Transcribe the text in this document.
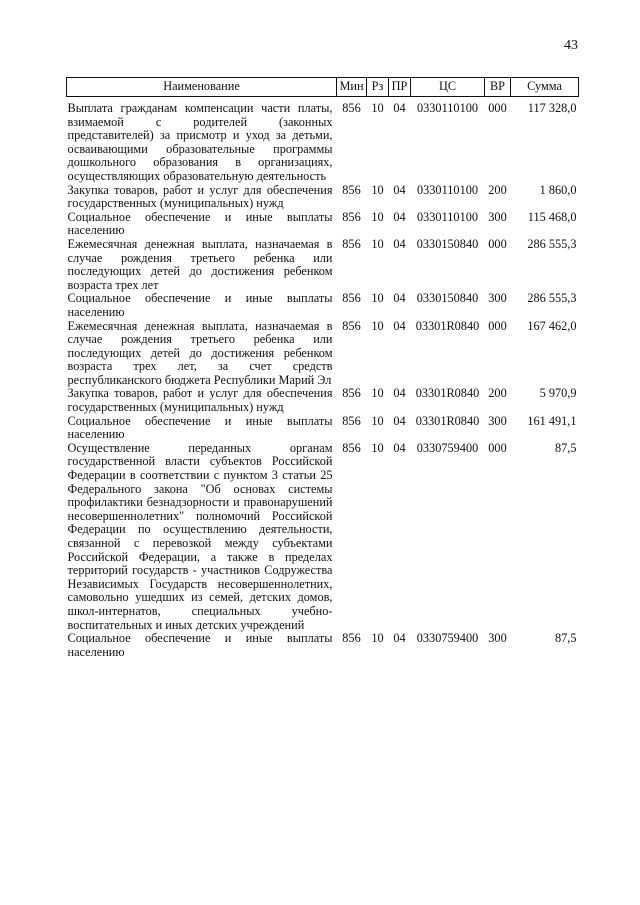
43
Наименование	Мин	Рз	ПР	ЦС	ВР	Сумма
Выплата гражданам компенсации части платы, взимаемой с родителей (законных представителей) за присмотр и уход за детьми, осваивающими образовательные программы дошкольного образования в организациях, осуществляющих образовательную деятельность	856	10	04	0330110100	000	117 328,0
Закупка товаров, работ и услуг для обеспечения государственных (муниципальных) нужд	856	10	04	0330110100	200	1 860,0
Социальное обеспечение и иные выплаты населению	856	10	04	0330110100	300	115 468,0
Ежемесячная денежная выплата, назначаемая в случае рождения третьего ребенка или последующих детей до достижения ребенком возраста трех лет	856	10	04	0330150840	000	286 555,3
Социальное обеспечение и иные выплаты населению	856	10	04	0330150840	300	286 555,3
Ежемесячная денежная выплата, назначаемая в случае рождения третьего ребенка или последующих детей до достижения ребенком возраста трех лет, за счет средств республиканского бюджета Республики Марий Эл	856	10	04	03301R0840	000	167 462,0
Закупка товаров, работ и услуг для обеспечения государственных (муниципальных) нужд	856	10	04	03301R0840	200	5 970,9
Социальное обеспечение и иные выплаты населению	856	10	04	03301R0840	300	161 491,1
Осуществление переданных органам государственной власти субъектов Российской Федерации в соответствии с пунктом 3 статьи 25 Федерального закона "Об основах системы профилактики безнадзорности и правонарушений несовершеннолетних" полномочий Российской Федерации по осуществлению деятельности, связанной с перевозкой между субъектами Российской Федерации, а также в пределах территорий государств - участников Содружества Независимых Государств несовершеннолетних, самовольно ушедших из семей, детских домов, школ-интернатов, специальных учебно-воспитательных и иных детских учреждений	856	10	04	0330759400	000	87,5
Социальное обеспечение и иные выплаты населению	856	10	04	0330759400	300	87,5
